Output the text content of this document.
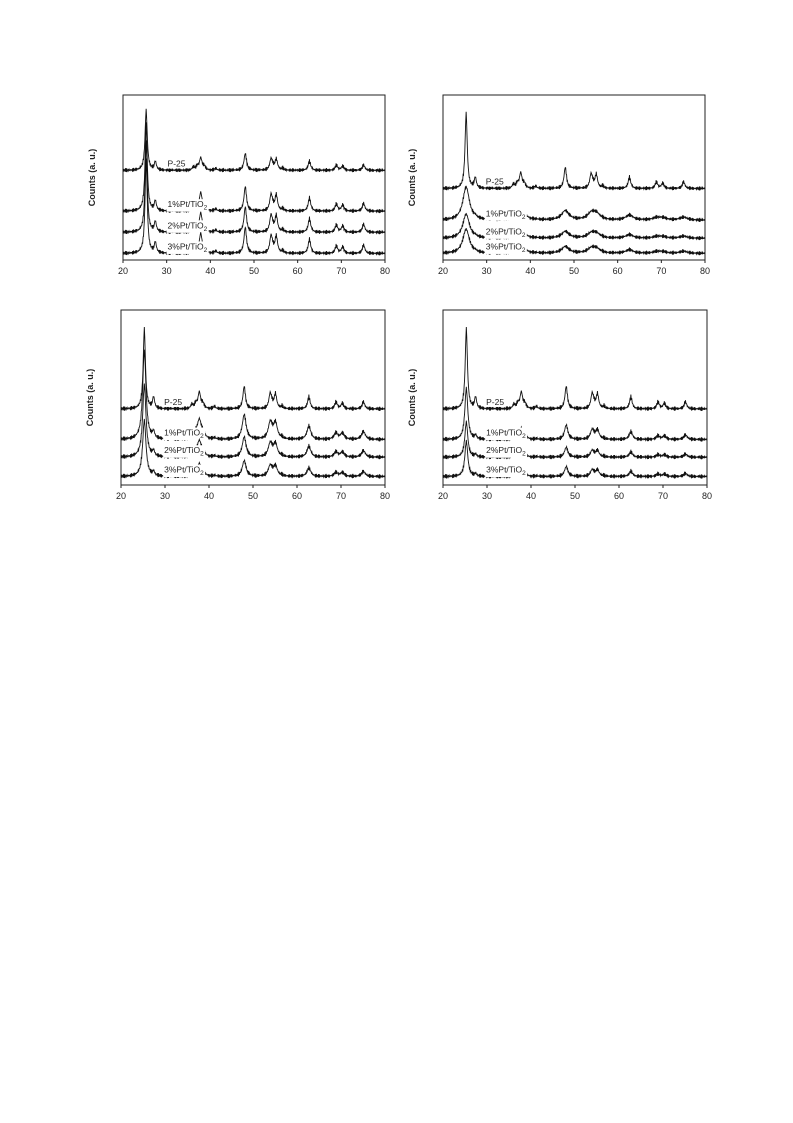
20	30	40	50	60	70	80
Counts (a. u.)	P-25
1%Pt/TiO$_2$
2%Pt/TiO$_2$
3%Pt/TiO$_2$
20	30	40	50	60	70	80
Counts (a. u.)	P-25
1%Pt/TiO$_2$
2%Pt/TiO$_2$
3%Pt/TiO$_2$
20	30	40	50	60	70	80
Counts (a. u.)	P-25
1%Pt/TiO$_2$
2%Pt/TiO$_2$
3%Pt/TiO$_2$
20	30	40	50	60	70	80
Counts (a. u.)	P-25
1%Pt/TiO$_2$
2%Pt/TiO$_2$
3%Pt/TiO$_2$
